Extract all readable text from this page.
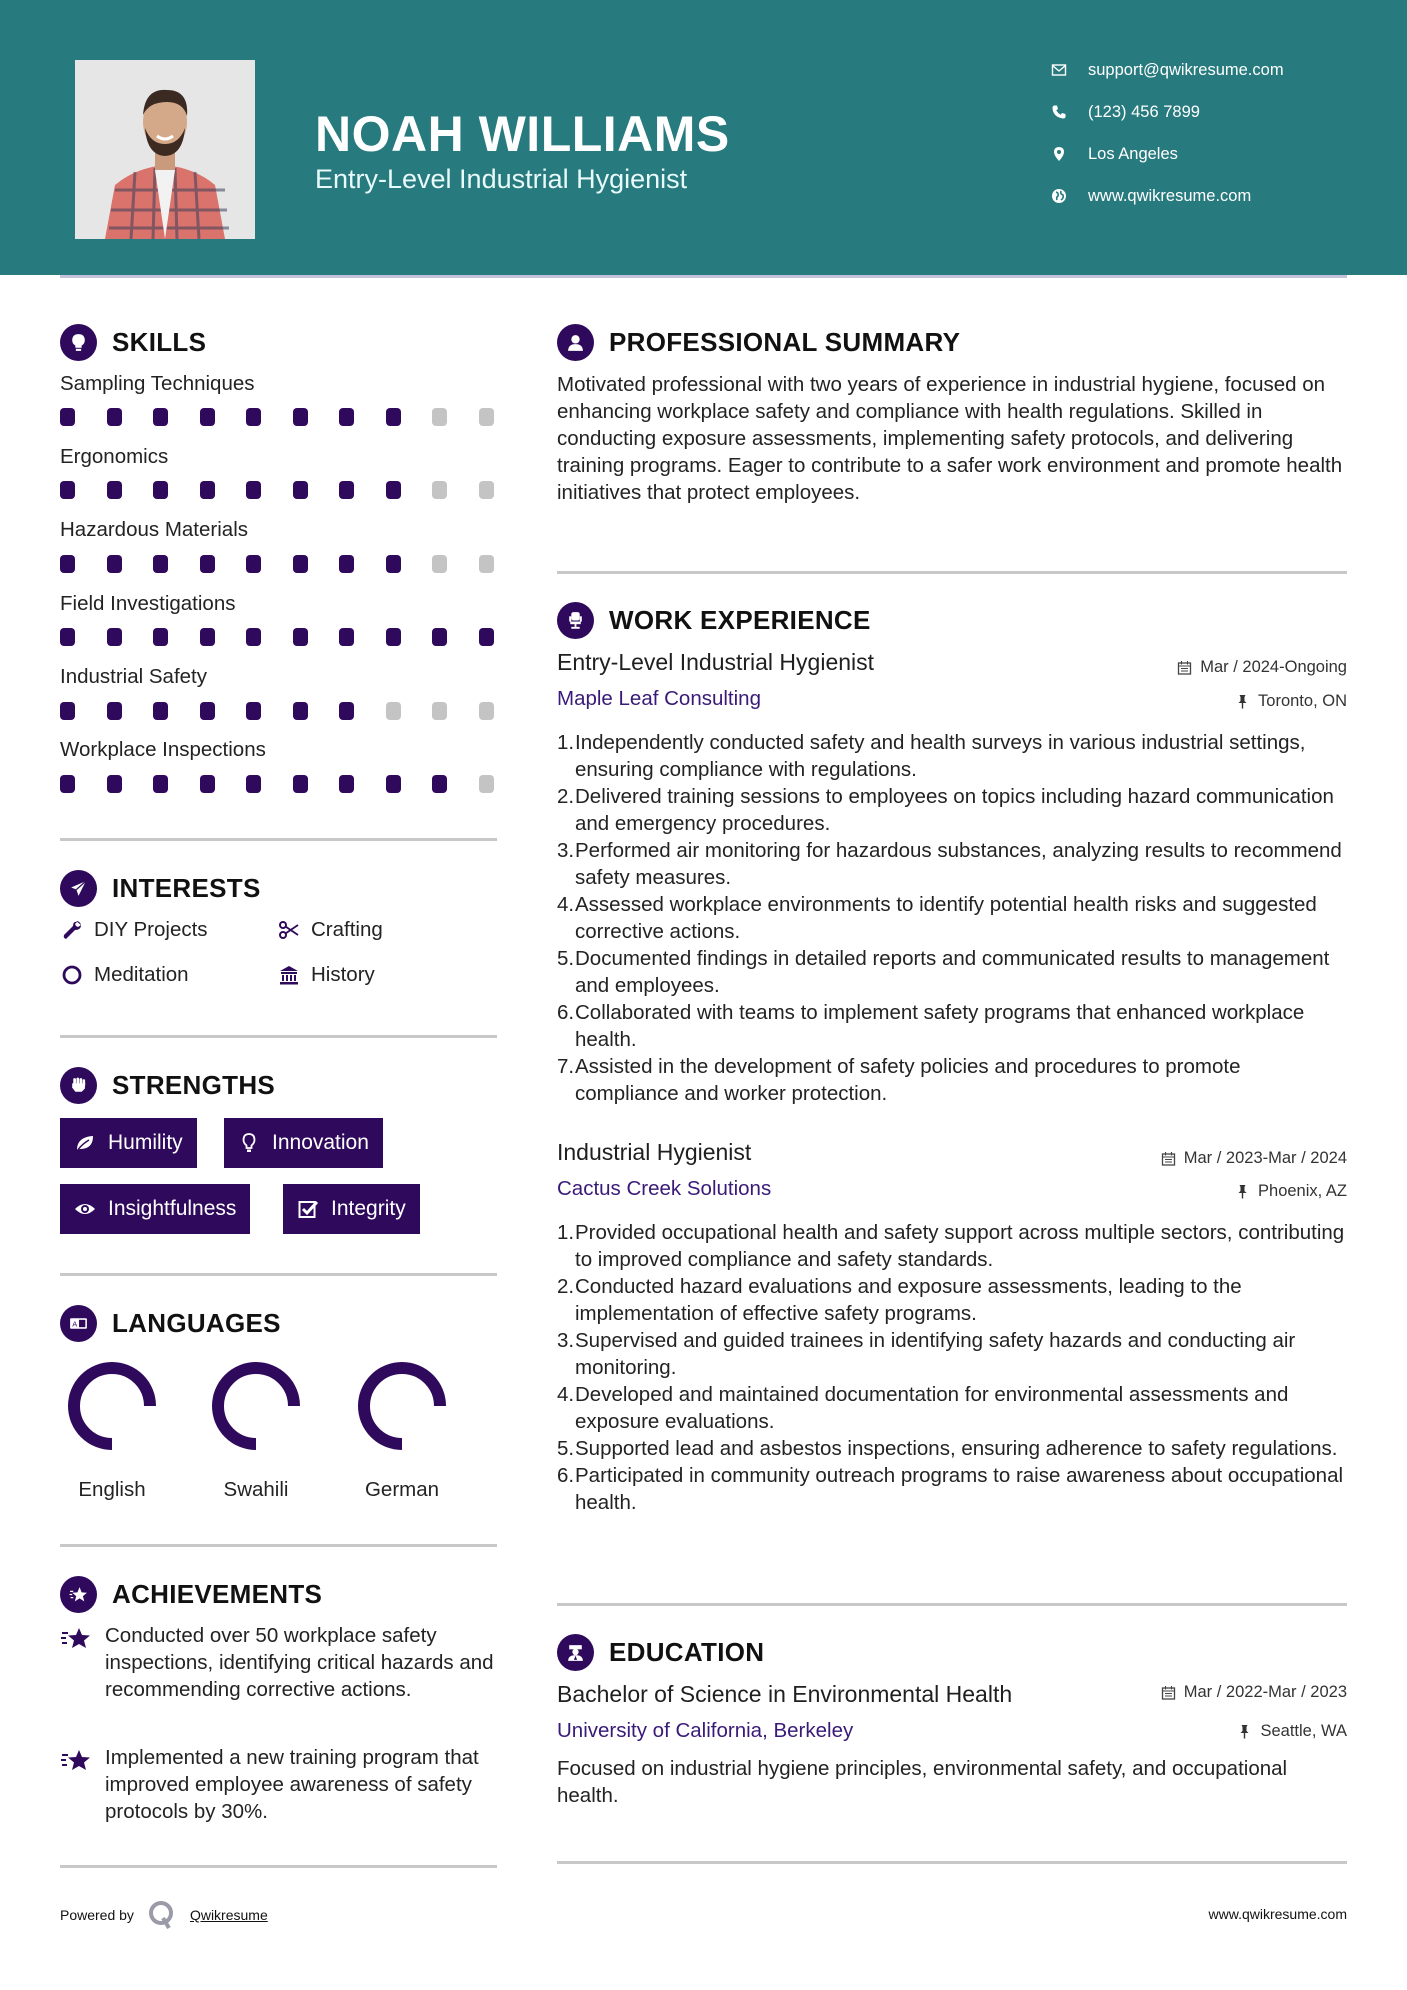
NOAH WILLIAMS
Entry-Level Industrial Hygienist
support@qwikresume.com
(123) 456 7899
Los Angeles
www.qwikresume.com
SKILLS
Sampling Techniques
Ergonomics
Hazardous Materials
Field Investigations
Industrial Safety
Workplace Inspections
INTERESTS
DIY Projects	Crafting
Meditation	History
STRENGTHS
Humility	Innovation
Insightfulness	Integrity
A LANGUAGES
English	Swahili	German
ACHIEVEMENTS
Conducted over 50 workplace safety inspections, identifying critical hazards and recommending corrective actions.
Implemented a new training program that improved employee awareness of safety protocols by 30%.
PROFESSIONAL SUMMARY
Motivated professional with two years of experience in industrial hygiene, focused on enhancing workplace safety and compliance with health regulations. Skilled in conducting exposure assessments, implementing safety protocols, and delivering training programs. Eager to contribute to a safer work environment and promote health initiatives that protect employees.
WORK EXPERIENCE
Entry-Level Industrial Hygienist	Mar / 2024-Ongoing
Maple Leaf Consulting	Toronto, ON
1. Independently conducted safety and health surveys in various industrial settings, ensuring compliance with regulations.
2. Delivered training sessions to employees on topics including hazard communication and emergency procedures.
3. Performed air monitoring for hazardous substances, analyzing results to recommend safety measures.
4. Assessed workplace environments to identify potential health risks and suggested corrective actions.
5. Documented findings in detailed reports and communicated results to management and employees.
6. Collaborated with teams to implement safety programs that enhanced workplace health.
7. Assisted in the development of safety policies and procedures to promote compliance and worker protection.
Industrial Hygienist	Mar / 2023-Mar / 2024
Cactus Creek Solutions	Phoenix, AZ
1. Provided occupational health and safety support across multiple sectors, contributing to improved compliance and safety standards.
2. Conducted hazard evaluations and exposure assessments, leading to the implementation of effective safety programs.
3. Supervised and guided trainees in identifying safety hazards and conducting air monitoring.
4. Developed and maintained documentation for environmental assessments and exposure evaluations.
5. Supported lead and asbestos inspections, ensuring adherence to safety regulations.
6. Participated in community outreach programs to raise awareness about occupational health.
EDUCATION
Bachelor of Science in Environmental Health	Mar / 2022-Mar / 2023
University of California, Berkeley	Seattle, WA
Focused on industrial hygiene principles, environmental safety, and occupational health.
Powered by	Qwikresume	www.qwikresume.com
